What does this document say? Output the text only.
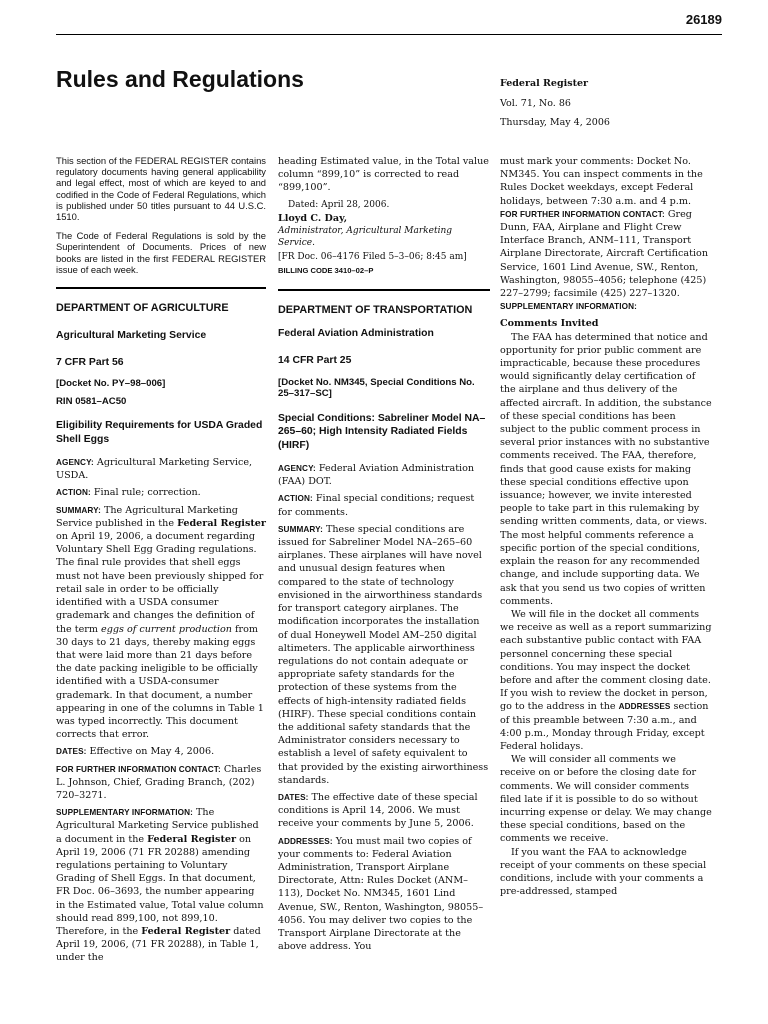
26189
Rules and Regulations	Federal Register
Vol. 71, No. 86
Thursday, May 4, 2006

This section of the FEDERAL REGISTER contains regulatory documents having general applicability and legal effect, most of which are keyed to and codified in the Code of Federal Regulations, which is published under 50 titles pursuant to 44 U.S.C. 1510.

The Code of Federal Regulations is sold by the Superintendent of Documents. Prices of new books are listed in the first FEDERAL REGISTER issue of each week.

DEPARTMENT OF AGRICULTURE
Agricultural Marketing Service
7 CFR Part 56
[Docket No. PY–98–006]
RIN 0581–AC50
Eligibility Requirements for USDA Graded Shell Eggs

AGENCY: Agricultural Marketing Service, USDA.

ACTION: Final rule; correction.

SUMMARY: The Agricultural Marketing Service published in the Federal Register on April 19, 2006, a document regarding Voluntary Shell Egg Grading regulations. The final rule provides that shell eggs must not have been previously shipped for retail sale in order to be officially identified with a USDA consumer grademark and changes the definition of the term eggs of current production from 30 days to 21 days, thereby making eggs that were laid more than 21 days before the date packing ineligible to be officially identified with a USDA-consumer grademark. In that document, a number appearing in one of the columns in Table 1 was typed incorrectly. This document corrects that error.

DATES: Effective on May 4, 2006.

FOR FURTHER INFORMATION CONTACT: Charles L. Johnson, Chief, Grading Branch, (202) 720–3271.

SUPPLEMENTARY INFORMATION: The Agricultural Marketing Service published a document in the Federal Register on April 19, 2006 (71 FR 20288) amending regulations pertaining to Voluntary Grading of Shell Eggs. In that document, FR Doc. 06–3693, the number appearing in the Estimated value, Total value column should read 899,100, not 899,10. Therefore, in the Federal Register dated April 19, 2006, (71 FR 20288), in Table 1, under the

heading Estimated value, in the Total value column “899,10” is corrected to read “899,100”.

Dated: April 28, 2006.

Lloyd C. Day,

Administrator, Agricultural Marketing Service.

[FR Doc. 06–4176 Filed 5–3–06; 8:45 am]

BILLING CODE 3410–02–P

DEPARTMENT OF TRANSPORTATION
Federal Aviation Administration
14 CFR Part 25
[Docket No. NM345, Special Conditions No. 25–317–SC]
Special Conditions: Sabreliner Model NA–265–60; High Intensity Radiated Fields (HIRF)

AGENCY: Federal Aviation Administration (FAA) DOT.

ACTION: Final special conditions; request for comments.

SUMMARY: These special conditions are issued for Sabreliner Model NA–265–60 airplanes. These airplanes will have novel and unusual design features when compared to the state of technology envisioned in the airworthiness standards for transport category airplanes. The modification incorporates the installation of dual Honeywell Model AM–250 digital altimeters. The applicable airworthiness regulations do not contain adequate or appropriate safety standards for the protection of these systems from the effects of high-intensity radiated fields (HIRF). These special conditions contain the additional safety standards that the Administrator considers necessary to establish a level of safety equivalent to that provided by the existing airworthiness standards.

DATES: The effective date of these special conditions is April 14, 2006. We must receive your comments by June 5, 2006.

ADDRESSES: You must mail two copies of your comments to: Federal Aviation Administration, Transport Airplane Directorate, Attn: Rules Docket (ANM–113), Docket No. NM345, 1601 Lind Avenue, SW., Renton, Washington, 98055–4056. You may deliver two copies to the Transport Airplane Directorate at the above address. You

must mark your comments: Docket No. NM345. You can inspect comments in the Rules Docket weekdays, except Federal holidays, between 7:30 a.m. and 4 p.m.

FOR FURTHER INFORMATION CONTACT: Greg Dunn, FAA, Airplane and Flight Crew Interface Branch, ANM–111, Transport Airplane Directorate, Aircraft Certification Service, 1601 Lind Avenue, SW., Renton, Washington, 98055–4056; telephone (425) 227–2799; facsimile (425) 227–1320.

SUPPLEMENTARY INFORMATION:

Comments Invited

The FAA has determined that notice and opportunity for prior public comment are impracticable, because these procedures would significantly delay certification of the airplane and thus delivery of the affected aircraft. In addition, the substance of these special conditions has been subject to the public comment process in several prior instances with no substantive comments received. The FAA, therefore, finds that good cause exists for making these special conditions effective upon issuance; however, we invite interested people to take part in this rulemaking by sending written comments, data, or views. The most helpful comments reference a specific portion of the special conditions, explain the reason for any recommended change, and include supporting data. We ask that you send us two copies of written comments.

We will file in the docket all comments we receive as well as a report summarizing each substantive public contact with FAA personnel concerning these special conditions. You may inspect the docket before and after the comment closing date. If you wish to review the docket in person, go to the address in the ADDRESSES section of this preamble between 7:30 a.m., and 4:00 p.m., Monday through Friday, except Federal holidays.

We will consider all comments we receive on or before the closing date for comments. We will consider comments filed late if it is possible to do so without incurring expense or delay. We may change these special conditions, based on the comments we receive.

If you want the FAA to acknowledge receipt of your comments on these special conditions, include with your comments a pre-addressed, stamped
